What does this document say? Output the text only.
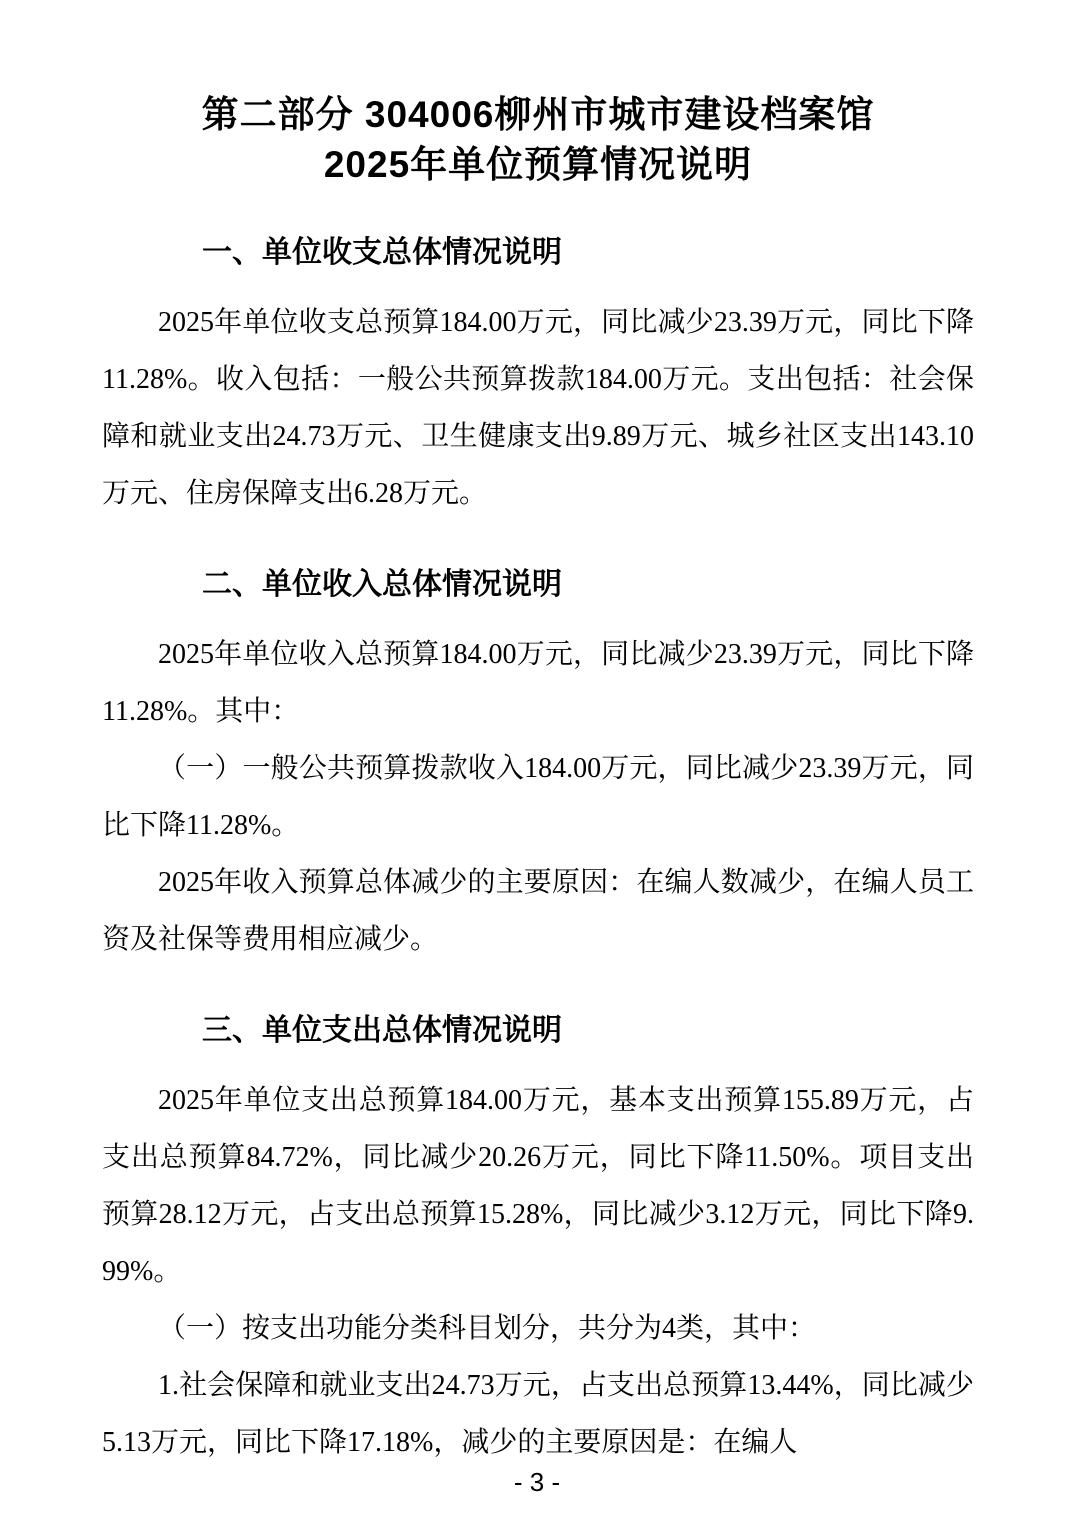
第二部分 304006柳州市城市建设档案馆
2025年单位预算情况说明
一、单位收支总体情况说明

2025年单位收支总预算184.00万元，同比减少23.39万元，同比下降11.28%。收入包括：一般公共预算拨款184.00万元。支出包括：社会保障和就业支出24.73万元、卫生健康支出9.89万元、城乡社区支出143.10万元、住房保障支出6.28万元。

二、单位收入总体情况说明

2025年单位收入总预算184.00万元，同比减少23.39万元，同比下降11.28%。其中：

（一）一般公共预算拨款收入184.00万元，同比减少23.39万元，同比下降11.28%。

2025年收入预算总体减少的主要原因：在编人数减少，在编人员工资及社保等费用相应减少。

三、单位支出总体情况说明

2025年单位支出总预算184.00万元，基本支出预算155.89万元，占支出总预算84.72%，同比减少20.26万元，同比下降11.50%。项目支出预算28.12万元，占支出总预算15.28%，同比减少3.12万元，同比下降9.99%。

（一）按支出功能分类科目划分，共分为4类，其中：

1.社会保障和就业支出24.73万元，占支出总预算13.44%，同比减少5.13万元，同比下降17.18%，减少的主要原因是：在编人

- 3 -
